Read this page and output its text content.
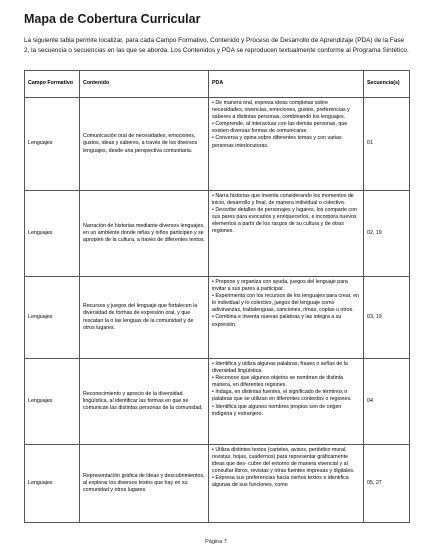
Mapa de Cobertura Curricular
La siguiente tabla permite localizar, para cada Campo Formativo, Contenido y Proceso de Desarrollo de Aprendizaje (PDA) de la Fase 2, la secuencia o secuencias en las que se aborda. Los Contenidos y PDA se reproducen textualmente conforme al Programa Sintético.
Campo Formativo	Contenido	PDA	Secuencia(s)
Lenguajes	Comunicación oral de necesidades, emociones, gustos, ideas y saberes, a través de los diversos lenguajes, desde una perspectiva comunitaria.	• De manera oral, expresa ideas completas sobre necesidades, vivencias, emociones, gustos, preferencias y saberes a distintas personas, combinando los lenguajes.
• Comprende, al interactuar con las demás personas, que existen diversas formas de comunicarse.
• Conversa y opina sobre diferentes temas y con varias personas interlocutoras.	01
Lenguajes	Narración de historias mediante diversos lenguajes, en un ambiente donde niñas y niños participen y se apropien de la cultura, a través de diferentes textos.	• Narra historias que inventa considerando los momentos de inicio, desarrollo y final, de manera individual o colectivo.
• Describe detalles de personajes y lugares, los comparte con sus pares para evocarlos y enriquecerlos, e incorpora nuevos elementos a partir de los rasgos de su cultura y de otras regiones.	02, 19
Lenguajes	Recursos y juegos del lenguaje que fortalecen la diversidad de formas de expresión oral, y que rescatan la o las lenguas de la comunidad y de otros lugares.	• Propone y organiza con ayuda, juegos del lenguaje para invitar a sus pares a participar.
• Experimenta con los recursos de los lenguajes para crear, en lo individual y lo colectivo, juegos del lenguaje como adivinanzas, trabalenguas, canciones, rimas, coplas u otros.
• Combina e inventa nuevas palabras y las integra a su expresión.	03, 19
Lenguajes	Reconocimiento y aprecio de la diversidad lingüística, al identificar las formas en que se comunican las distintas personas de la comunidad.	• Identifica y utiliza algunas palabras, frases o señas de la diversidad lingüística.
• Reconoce que algunos objetos se nombran de distinta manera, en diferentes regiones.
• Indaga, en distintas fuentes, el significado de términos o palabras que se utilizan en diferentes contextos o regiones.
• Identifica que algunos nombres propios son de origen indígena y extranjero.	04
Lenguajes	Representación gráfica de ideas y descubrimientos, al explorar los diversos textos que hay en su comunidad y otros lugares.	• Utiliza distintos textos (carteles, avisos, periódico mural, revistas, hojas, cuadernos) para representar gráficamente ideas que des- cubre del entorno de manera vivencial y al consultar libros, revistas y otras fuentes impresas y digitales.
• Expresa sus preferencias hacia ciertos textos e identifica algunas de sus funciones, como	05, 27
Página 7
